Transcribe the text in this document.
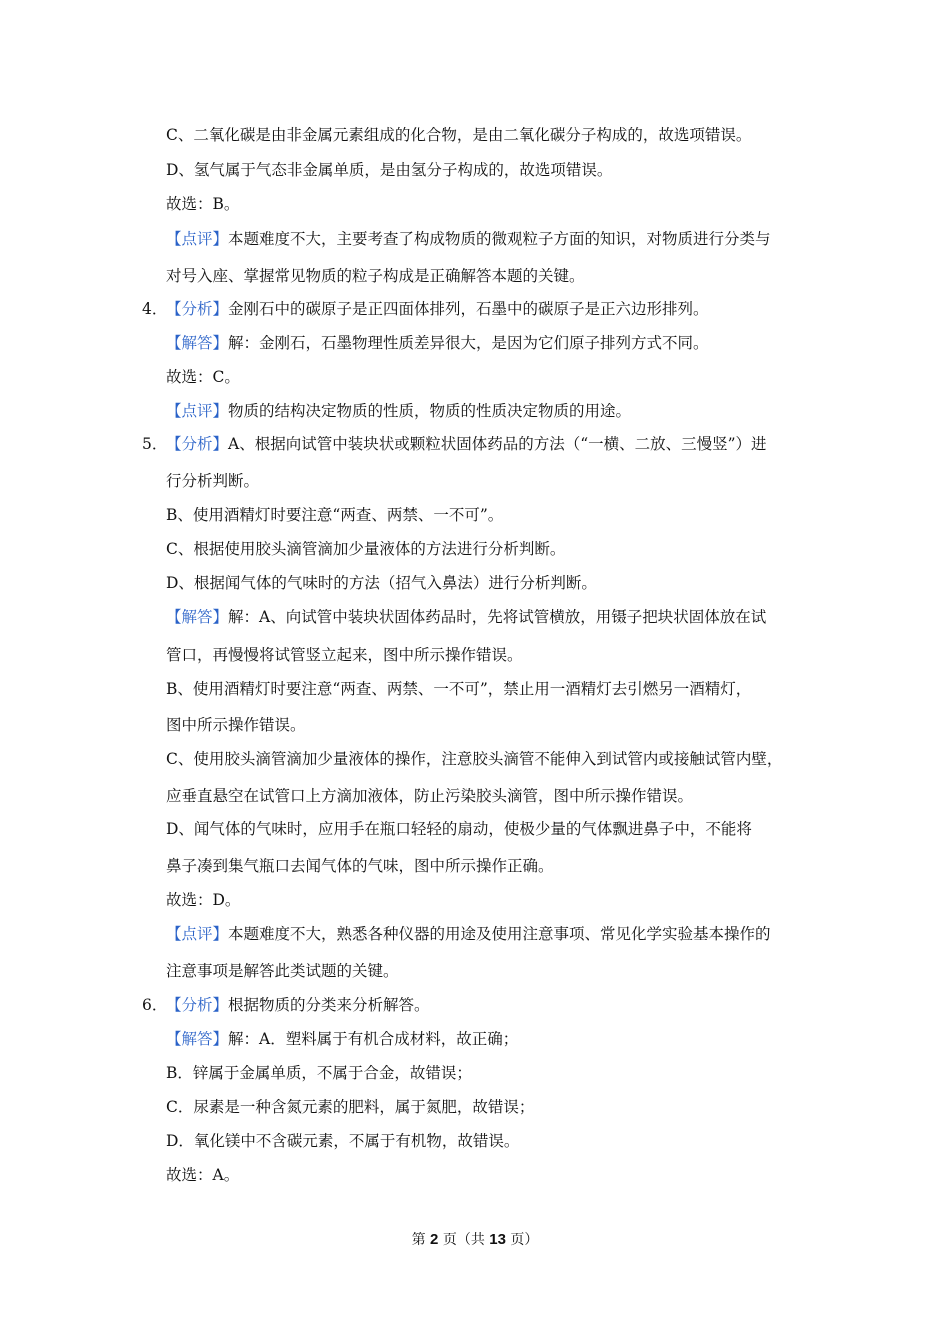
C、二氧化碳是由非金属元素组成的化合物，是由二氧化碳分子构成的，故选项错误。
D、氢气属于气态非金属单质，是由氢分子构成的，故选项错误。
故选：B。
【点评】本题难度不大，主要考查了构成物质的微观粒子方面的知识，对物质进行分类与
对号入座、掌握常见物质的粒子构成是正确解答本题的关键。
4．
【分析】金刚石中的碳原子是正四面体排列，石墨中的碳原子是正六边形排列。
【解答】解：金刚石，石墨物理性质差异很大，是因为它们原子排列方式不同。
故选：C。
【点评】物质的结构决定物质的性质，物质的性质决定物质的用途。
5．
【分析】A、根据向试管中装块状或颗粒状固体药品的方法（“一横、二放、三慢竖”）进
行分析判断。
B、使用酒精灯时要注意“两查、两禁、一不可”。
C、根据使用胶头滴管滴加少量液体的方法进行分析判断。
D、根据闻气体的气味时的方法（招气入鼻法）进行分析判断。
【解答】解：A、向试管中装块状固体药品时，先将试管横放，用镊子把块状固体放在试
管口，再慢慢将试管竖立起来，图中所示操作错误。
B、使用酒精灯时要注意“两查、两禁、一不可”，禁止用一酒精灯去引燃另一酒精灯，
图中所示操作错误。
C、使用胶头滴管滴加少量液体的操作，注意胶头滴管不能伸入到试管内或接触试管内壁，
应垂直悬空在试管口上方滴加液体，防止污染胶头滴管，图中所示操作错误。
D、闻气体的气味时，应用手在瓶口轻轻的扇动，使极少量的气体飘进鼻子中，不能将
鼻子凑到集气瓶口去闻气体的气味，图中所示操作正确。
故选：D。
【点评】本题难度不大，熟悉各种仪器的用途及使用注意事项、常见化学实验基本操作的
注意事项是解答此类试题的关键。
6．
【分析】根据物质的分类来分析解答。
【解答】解：A．塑料属于有机合成材料，故正确；
B．锌属于金属单质，不属于合金，故错误；
C．尿素是一种含氮元素的肥料，属于氮肥，故错误；
D．氧化镁中不含碳元素，不属于有机物，故错误。
故选：A。
第 2 页（共 13 页）
